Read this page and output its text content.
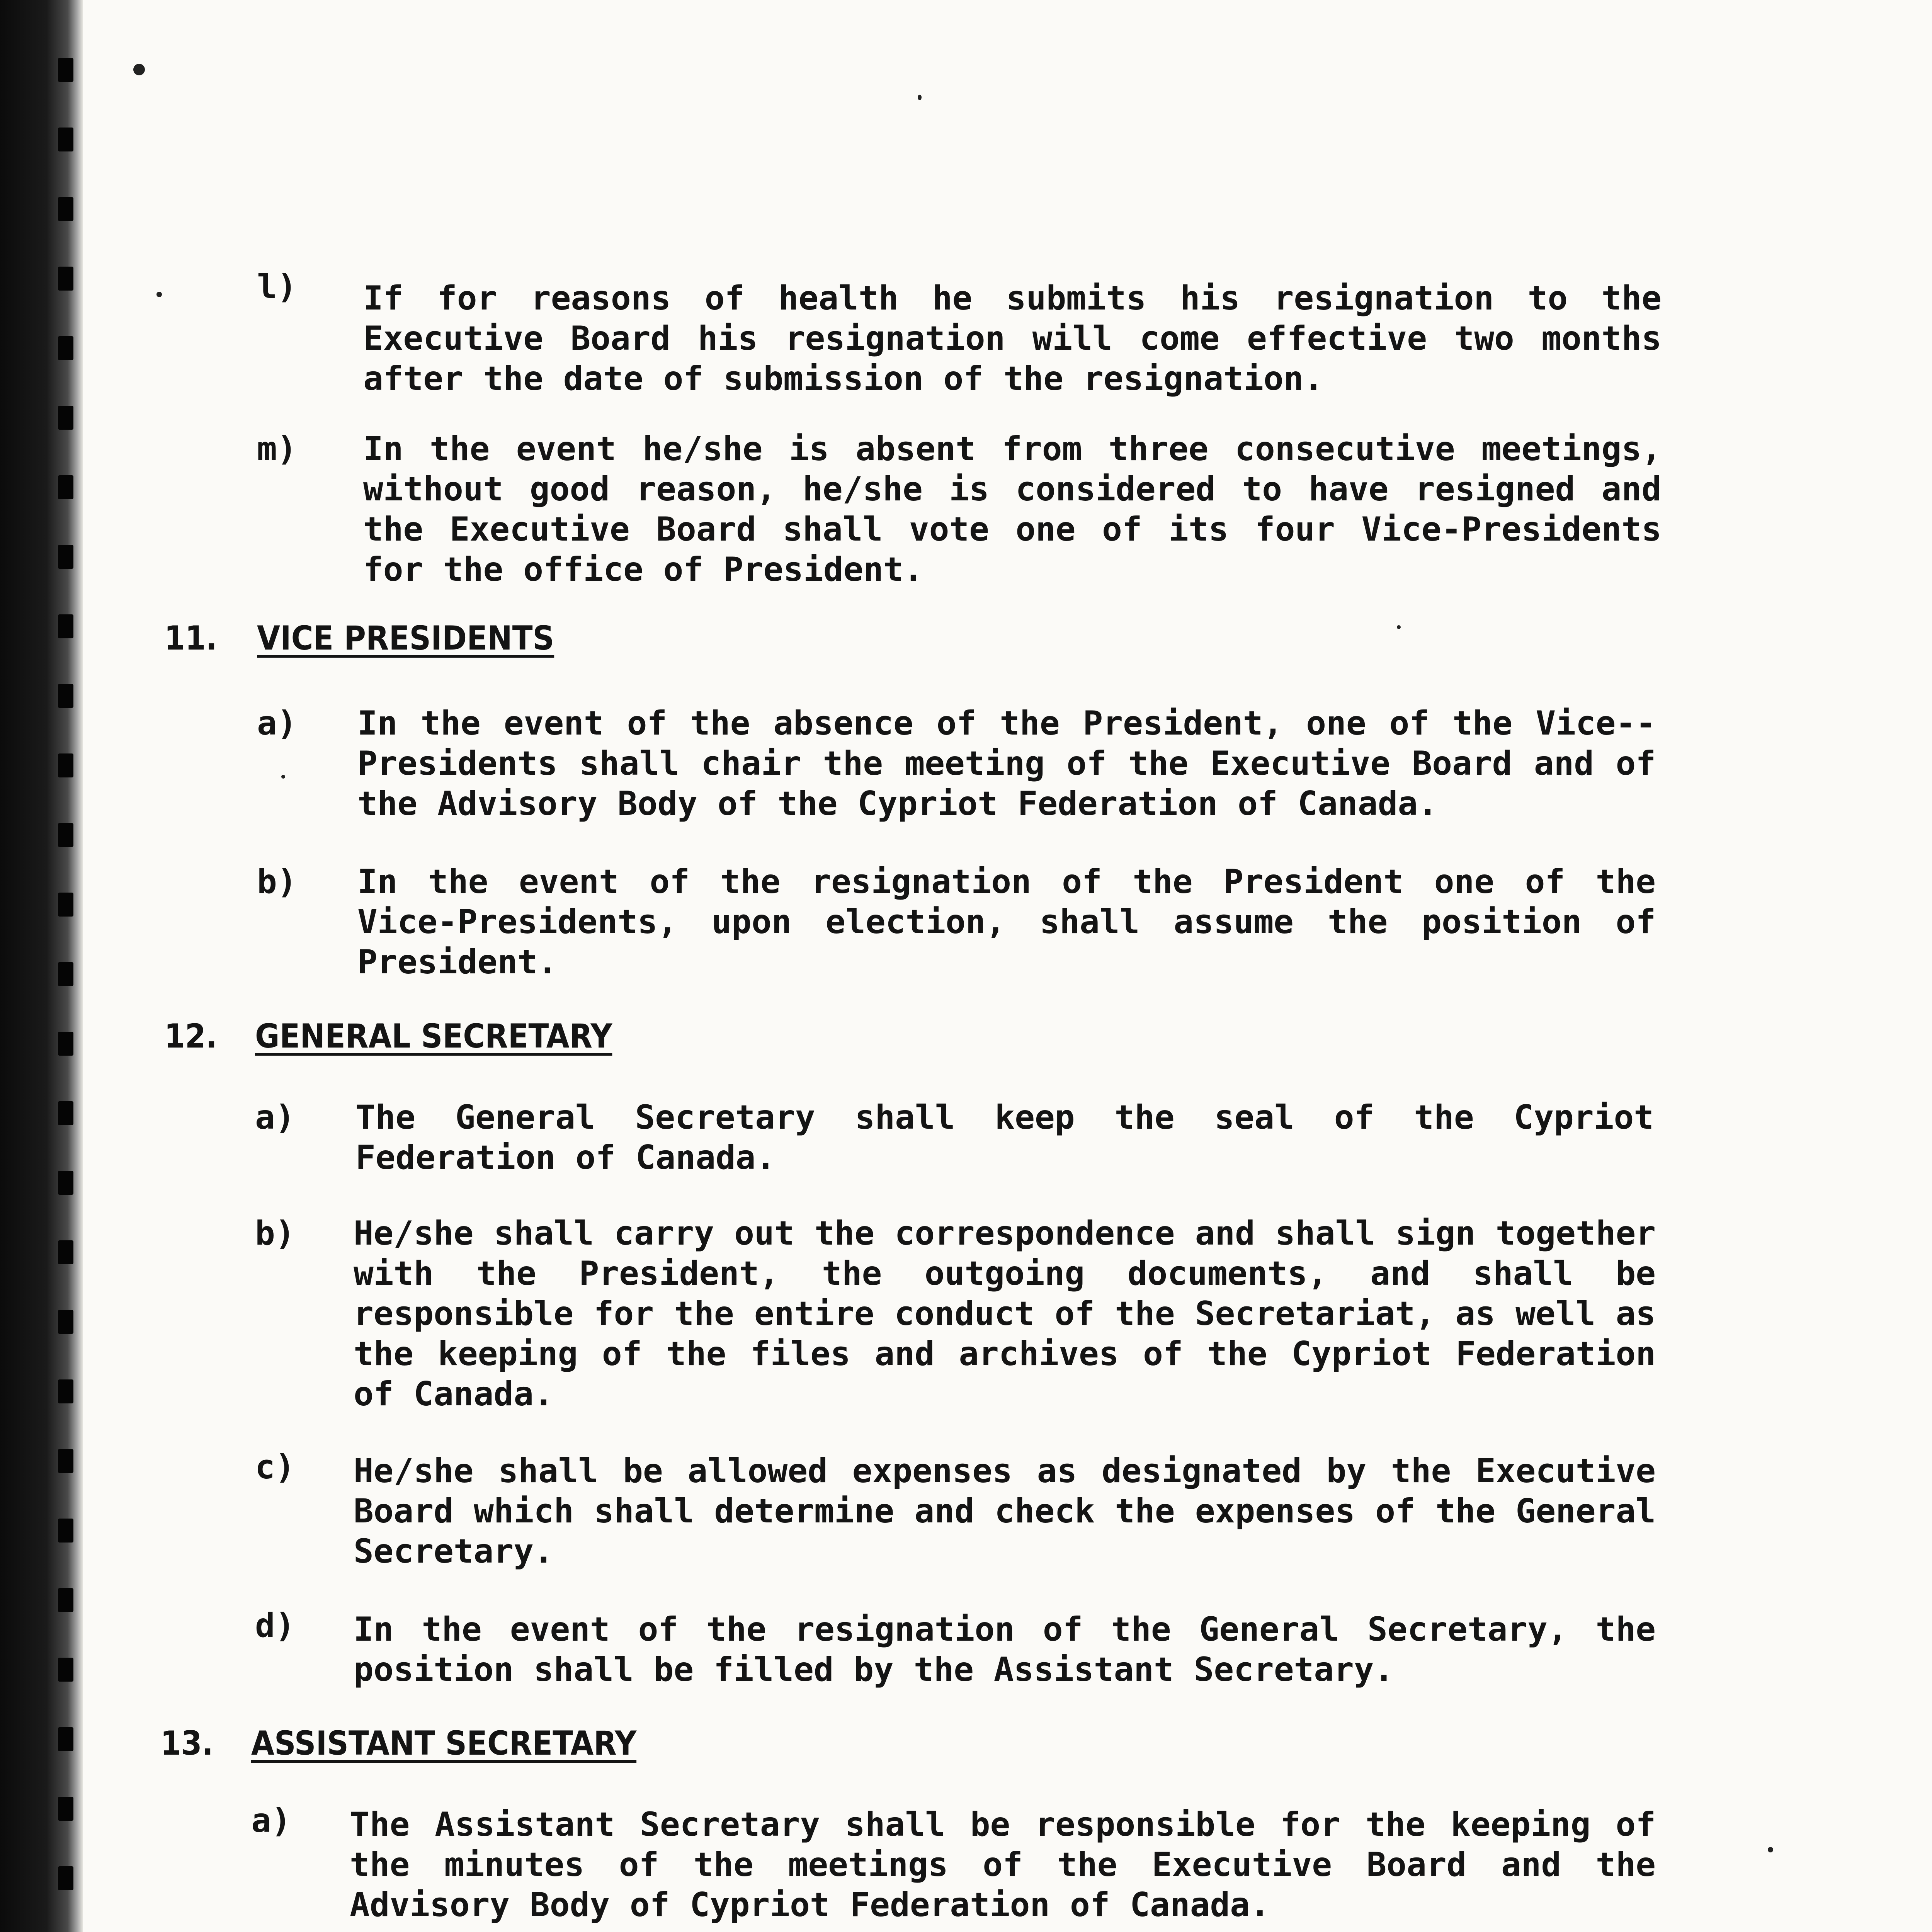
l) If for reasons of health he submits his resignation to the Executive Board his resignation will come effective two months after the date of submission of the resignation.
m) In the event he/she is absent from three consecutive meetings, without good reason, he/she is considered to have resigned and the Executive Board shall vote one of its four Vice-Presidents for the office of President.
11. VICE PRESIDENTS
a) In the event of the absence of the President, one of the Vice--Presidents shall chair the meeting of the Executive Board and of the Advisory Body of the Cypriot Federation of Canada.
b) In the event of the resignation of the President one of the Vice-Presidents, upon election, shall assume the position of President.
12. GENERAL SECRETARY
a) The General Secretary shall keep the seal of the Cypriot Federation of Canada.
b) He/she shall carry out the correspondence and shall sign together with the President, the outgoing documents, and shall be responsible for the entire conduct of the Secretariat, as well as the keeping of the files and archives of the Cypriot Federation of Canada.
c) He/she shall be allowed expenses as designated by the Executive Board which shall determine and check the expenses of the General Secretary.
d) In the event of the resignation of the General Secretary, the position shall be filled by the Assistant Secretary.
13. ASSISTANT SECRETARY
a) The Assistant Secretary shall be responsible for the keeping of the minutes of the meetings of the Executive Board and the Advisory Body of Cypriot Federation of Canada.
